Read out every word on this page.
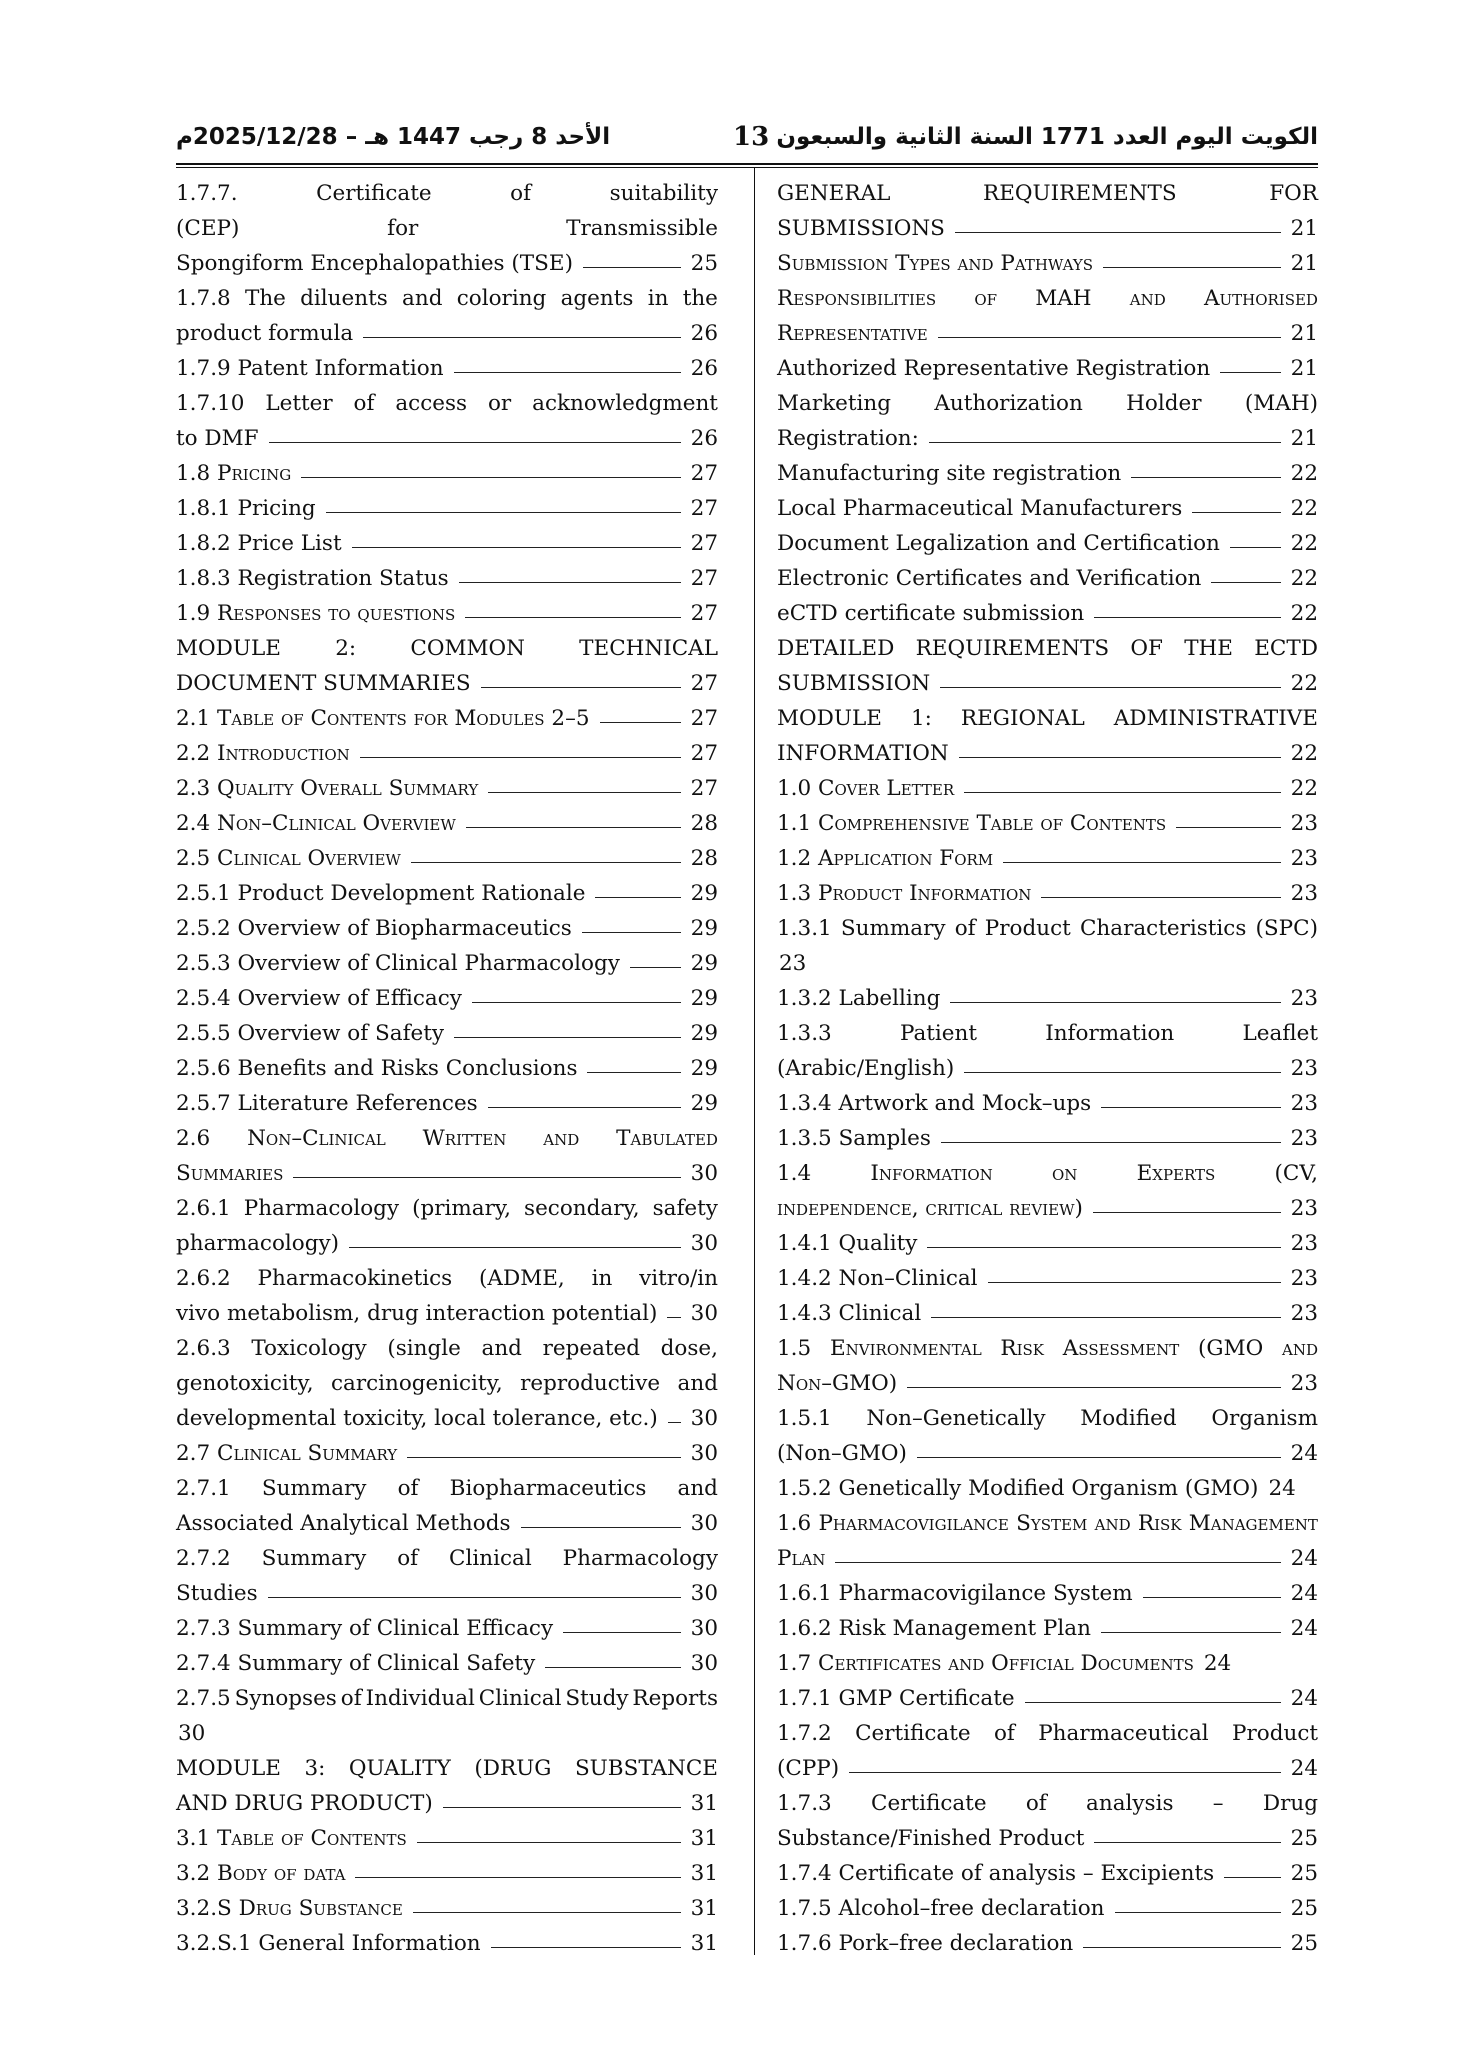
الأحد 8 رجب 1447 هـ – 2025/12/28م	13 الكويت اليوم العدد 1771 السنة الثانية والسبعون
1.7.7.	Certificate	of	suitability
(CEP)	for	Transmissible
Spongiform Encephalopathies (TSE)	25
1.7.8 The diluents and coloring agents in the
product formula	26
1.7.9 Patent Information	26
1.7.10 Letter of access or acknowledgment
to DMF	26
1.8 Pricing	27
1.8.1 Pricing	27
1.8.2 Price List	27
1.8.3 Registration Status	27
1.9 Responses to questions	27
MODULE	2:	COMMON	TECHNICAL
DOCUMENT SUMMARIES	27
2.1 Table of Contents for Modules 2–5	27
2.2 Introduction	27
2.3 Quality Overall Summary	27
2.4 Non–Clinical Overview	28
2.5 Clinical Overview	28
2.5.1 Product Development Rationale	29
2.5.2 Overview of Biopharmaceutics	29
2.5.3 Overview of Clinical Pharmacology	29
2.5.4 Overview of Efficacy	29
2.5.5 Overview of Safety	29
2.5.6 Benefits and Risks Conclusions	29
2.5.7 Literature References	29
2.6 Non–Clinical Written and Tabulated
Summaries	30
2.6.1 Pharmacology (primary, secondary, safety
pharmacology)	30
2.6.2 Pharmacokinetics (ADME, in vitro/in
vivo metabolism, drug interaction potential) 30
2.6.3 Toxicology (single and repeated dose,
genotoxicity, carcinogenicity, reproductive and
developmental toxicity, local tolerance, etc.) 30
2.7 Clinical Summary	30
2.7.1 Summary of Biopharmaceutics and
Associated Analytical Methods	30
2.7.2 Summary of Clinical Pharmacology
Studies	30
2.7.3 Summary of Clinical Efficacy	30
2.7.4 Summary of Clinical Safety	30
2.7.5 Synopses of Individual Clinical Study Reports
30
MODULE 3: QUALITY (DRUG SUBSTANCE
AND DRUG PRODUCT)	31
3.1 Table of Contents	31
3.2 Body of data	31
3.2.S Drug Substance	31
3.2.S.1 General Information	31
GENERAL	REQUIREMENTS	FOR
SUBMISSIONS	21
Submission Types and Pathways	21
Responsibilities of MAH and Authorised
Representative	21
Authorized Representative Registration	21
Marketing Authorization Holder (MAH)
Registration:	21
Manufacturing site registration	22
Local Pharmaceutical Manufacturers	22
Document Legalization and Certification	22
Electronic Certificates and Verification	22
eCTD certificate submission	22
DETAILED REQUIREMENTS OF THE ECTD
SUBMISSION	22
MODULE 1: REGIONAL ADMINISTRATIVE
INFORMATION	22
1.0 Cover Letter	22
1.1 Comprehensive Table of Contents	23
1.2 Application Form	23
1.3 Product Information	23
1.3.1 Summary of Product Characteristics (SPC)
23
1.3.2 Labelling	23
1.3.3	Patient	Information	Leaflet
(Arabic/English)	23
1.3.4 Artwork and Mock–ups	23
1.3.5 Samples	23
1.4	Information	on	Experts	(CV,
independence, critical review)	23
1.4.1 Quality	23
1.4.2 Non–Clinical	23
1.4.3 Clinical	23
1.5 Environmental Risk Assessment (GMO and
Non–GMO)	23
1.5.1 Non–Genetically Modified Organism
(Non–GMO)	24
1.5.2 Genetically Modified Organism (GMO) 24
1.6 Pharmacovigilance System and Risk Management
Plan	24
1.6.1 Pharmacovigilance System	24
1.6.2 Risk Management Plan	24
1.7 Certificates and Official Documents 24
1.7.1 GMP Certificate	24
1.7.2 Certificate of Pharmaceutical Product
(CPP)	24
1.7.3 Certificate of analysis – Drug
Substance/Finished Product	25
1.7.4 Certificate of analysis – Excipients	25
1.7.5 Alcohol–free declaration	25
1.7.6 Pork–free declaration	25
